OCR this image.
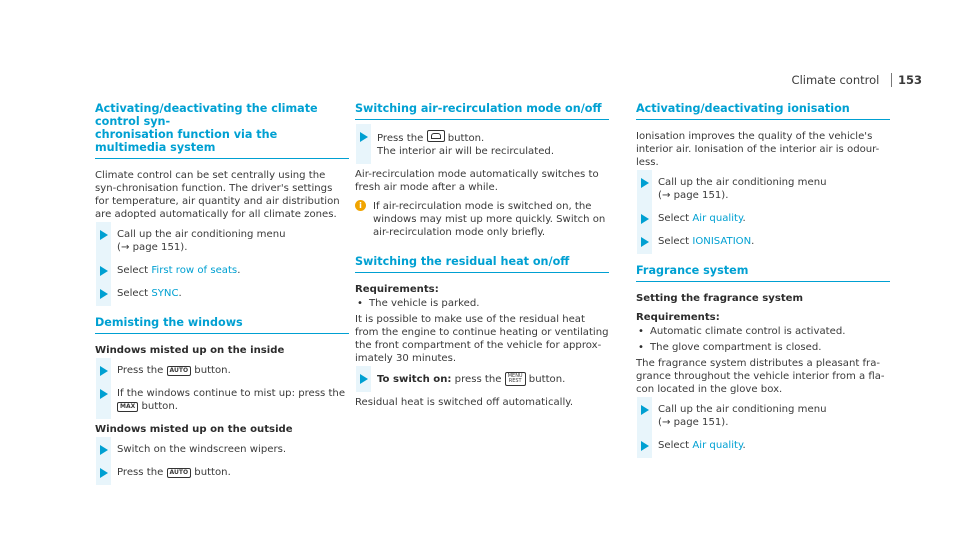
Climate control 153
Activating/deactivating the climate control syn-
chronisation function via the multimedia system

Climate control can be set centrally using the syn-chronisation function. The driver's settings for temperature, air quantity and air distribution are adopted automatically for all climate zones.

Call up the air conditioning menu
(→ page 151).
Select First row of seats.
Select SYNC.
Demisting the windows
Windows misted up on the inside
Press the AUTO button.
If the windows continue to mist up: press the
MAX button.
Windows misted up on the outside
Switch on the windscreen wipers.
Press the AUTO button.
Switching air-recirculation mode on/off
Press the  button.
The interior air will be recirculated.

Air-recirculation mode automatically switches to fresh air mode after a while.

i	If air-recirculation mode is switched on, the windows may mist up more quickly. Switch on air-recirculation mode only briefly.
Switching the residual heat on/off
Requirements:
• The vehicle is parked.

It is possible to make use of the residual heat from the engine to continue heating or ventilating the front compartment of the vehicle for approx-imately 30 minutes.

To switch on: press the MENU
REST button.

Residual heat is switched off automatically.

Activating/deactivating ionisation

Ionisation improves the quality of the vehicle's interior air. Ionisation of the interior air is odour-less.

Call up the air conditioning menu
(→ page 151).
Select Air quality.
Select IONISATION.
Fragrance system
Setting the fragrance system
Requirements:
• Automatic climate control is activated.
• The glove compartment is closed.

The fragrance system distributes a pleasant fra-grance throughout the vehicle interior from a fla-con located in the glove box.

Call up the air conditioning menu
(→ page 151).
Select Air quality.
